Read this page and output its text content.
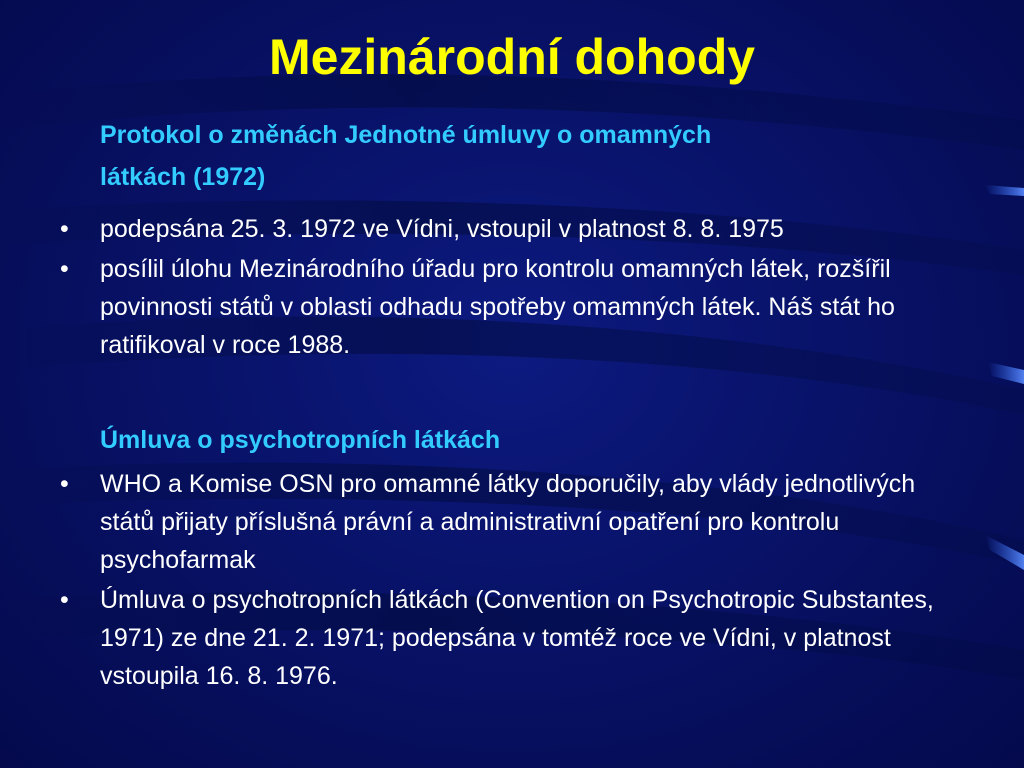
Mezinárodní dohody
Protokol o změnách Jednotné úmluvy o omamných
látkách (1972)
• podepsána 25. 3. 1972 ve Vídni, vstoupil v platnost 8. 8. 1975
• posílil úlohu Mezinárodního úřadu pro kontrolu omamných látek, rozšířil povinnosti států v oblasti odhadu spotřeby omamných látek. Náš stát ho ratifikoval v roce 1988.
Úmluva o psychotropních látkách
• WHO a Komise OSN pro omamné látky doporučily, aby vlády jednotlivých států přijaty příslušná právní a administrativní opatření pro kontrolu psychofarmak
• Úmluva o psychotropních látkách (Convention on Psychotropic Substantes, 1971) ze dne 21. 2. 1971; podepsána v tomtéž roce ve Vídni, v platnost vstoupila 16. 8. 1976.
